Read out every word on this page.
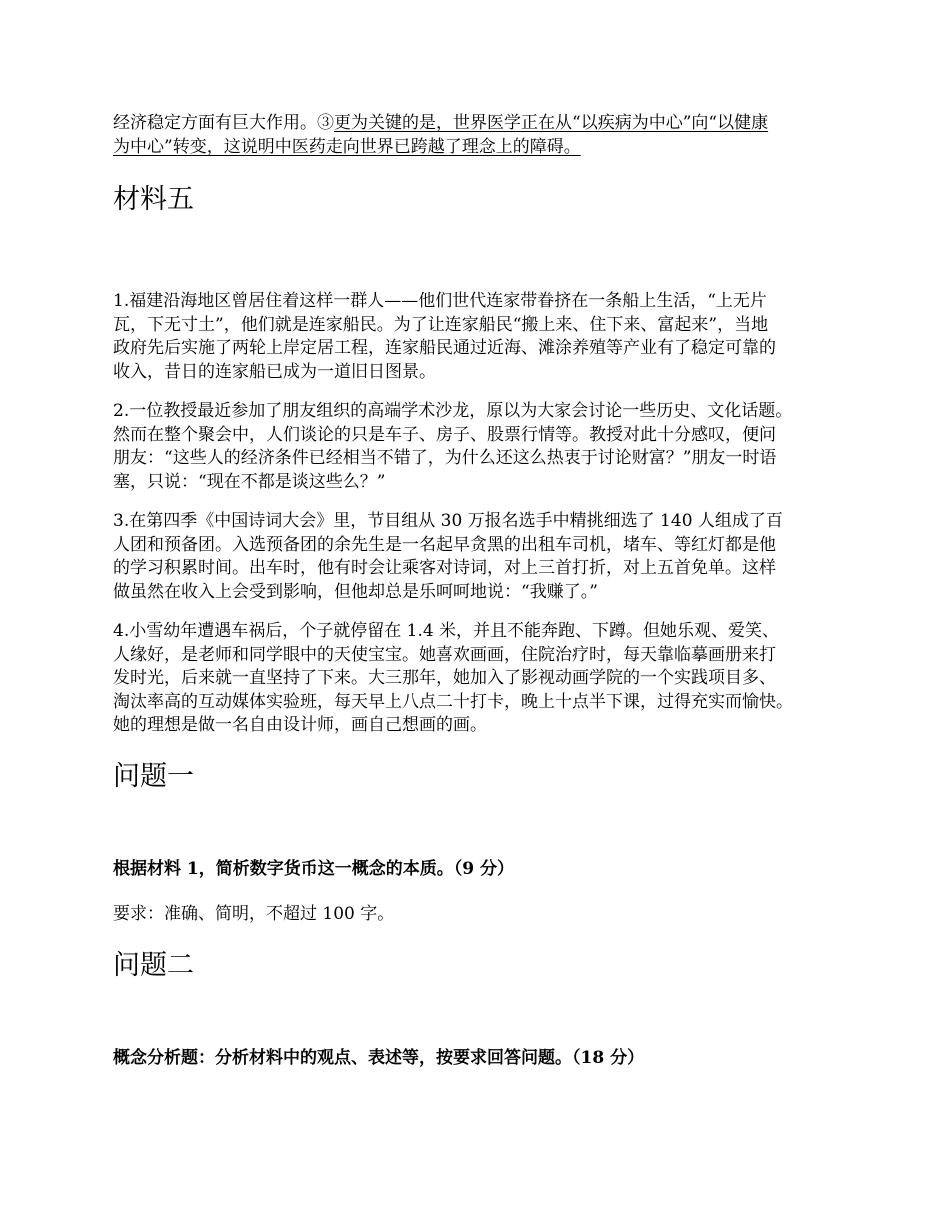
经济稳定方面有巨大作用。③更为关键的是，世界医学正在从“以疾病为中心”向“以健康
为中心”转变，这说明中医药走向世界已跨越了理念上的障碍。

材料五

1.福建沿海地区曾居住着这样一群人——他们世代连家带眷挤在一条船上生活，“上无片
瓦，下无寸土”，他们就是连家船民。为了让连家船民“搬上来、住下来、富起来”，当地
政府先后实施了两轮上岸定居工程，连家船民通过近海、滩涂养殖等产业有了稳定可靠的
收入，昔日的连家船已成为一道旧日图景。

2.一位教授最近参加了朋友组织的高端学术沙龙，原以为大家会讨论一些历史、文化话题。
然而在整个聚会中，人们谈论的只是车子、房子、股票行情等。教授对此十分感叹，便问
朋友：“这些人的经济条件已经相当不错了，为什么还这么热衷于讨论财富？”朋友一时语
塞，只说：“现在不都是谈这些么？”

3.在第四季《中国诗词大会》里，节目组从 30 万报名选手中精挑细选了 140 人组成了百
人团和预备团。入选预备团的余先生是一名起早贪黑的出租车司机，堵车、等红灯都是他
的学习积累时间。出车时，他有时会让乘客对诗词，对上三首打折，对上五首免单。这样
做虽然在收入上会受到影响，但他却总是乐呵呵地说：“我赚了。”

4.小雪幼年遭遇车祸后，个子就停留在 1.4 米，并且不能奔跑、下蹲。但她乐观、爱笑、
人缘好，是老师和同学眼中的天使宝宝。她喜欢画画，住院治疗时，每天靠临摹画册来打
发时光，后来就一直坚持了下来。大三那年，她加入了影视动画学院的一个实践项目多、
淘汰率高的互动媒体实验班，每天早上八点二十打卡，晚上十点半下课，过得充实而愉快。
她的理想是做一名自由设计师，画自己想画的画。

问题一

根据材料 1，简析数字货币这一概念的本质。（9 分）

要求：准确、简明，不超过 100 字。

问题二

概念分析题：分析材料中的观点、表述等，按要求回答问题。（18 分）
